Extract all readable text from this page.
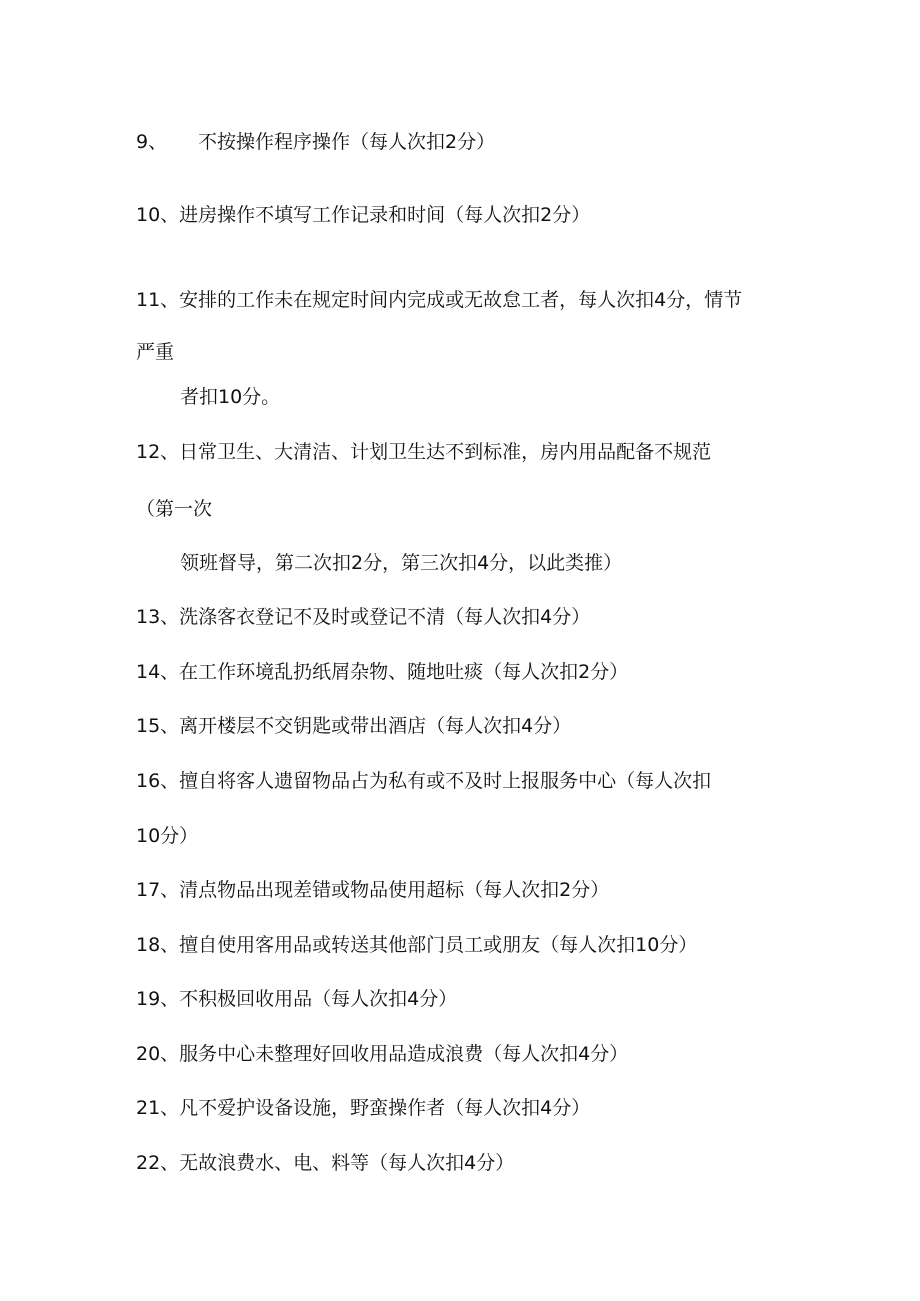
9、 不按操作程序操作（每人次扣2分）
10、进房操作不填写工作记录和时间（每人次扣2分）
11、安排的工作未在规定时间内完成或无故怠工者，每人次扣4分，情节
严重
者扣10分。
12、日常卫生、大清洁、计划卫生达不到标准，房内用品配备不规范
（第一次
领班督导，第二次扣2分，第三次扣4分，以此类推）
13、洗涤客衣登记不及时或登记不清（每人次扣4分）
14、在工作环境乱扔纸屑杂物、随地吐痰（每人次扣2分）
15、离开楼层不交钥匙或带出酒店（每人次扣4分）
16、擅自将客人遗留物品占为私有或不及时上报服务中心（每人次扣
10分）
17、清点物品出现差错或物品使用超标（每人次扣2分）
18、擅自使用客用品或转送其他部门员工或朋友（每人次扣10分）
19、不积极回收用品（每人次扣4分）
20、服务中心未整理好回收用品造成浪费（每人次扣4分）
21、凡不爱护设备设施，野蛮操作者（每人次扣4分）
22、无故浪费水、电、料等（每人次扣4分）
